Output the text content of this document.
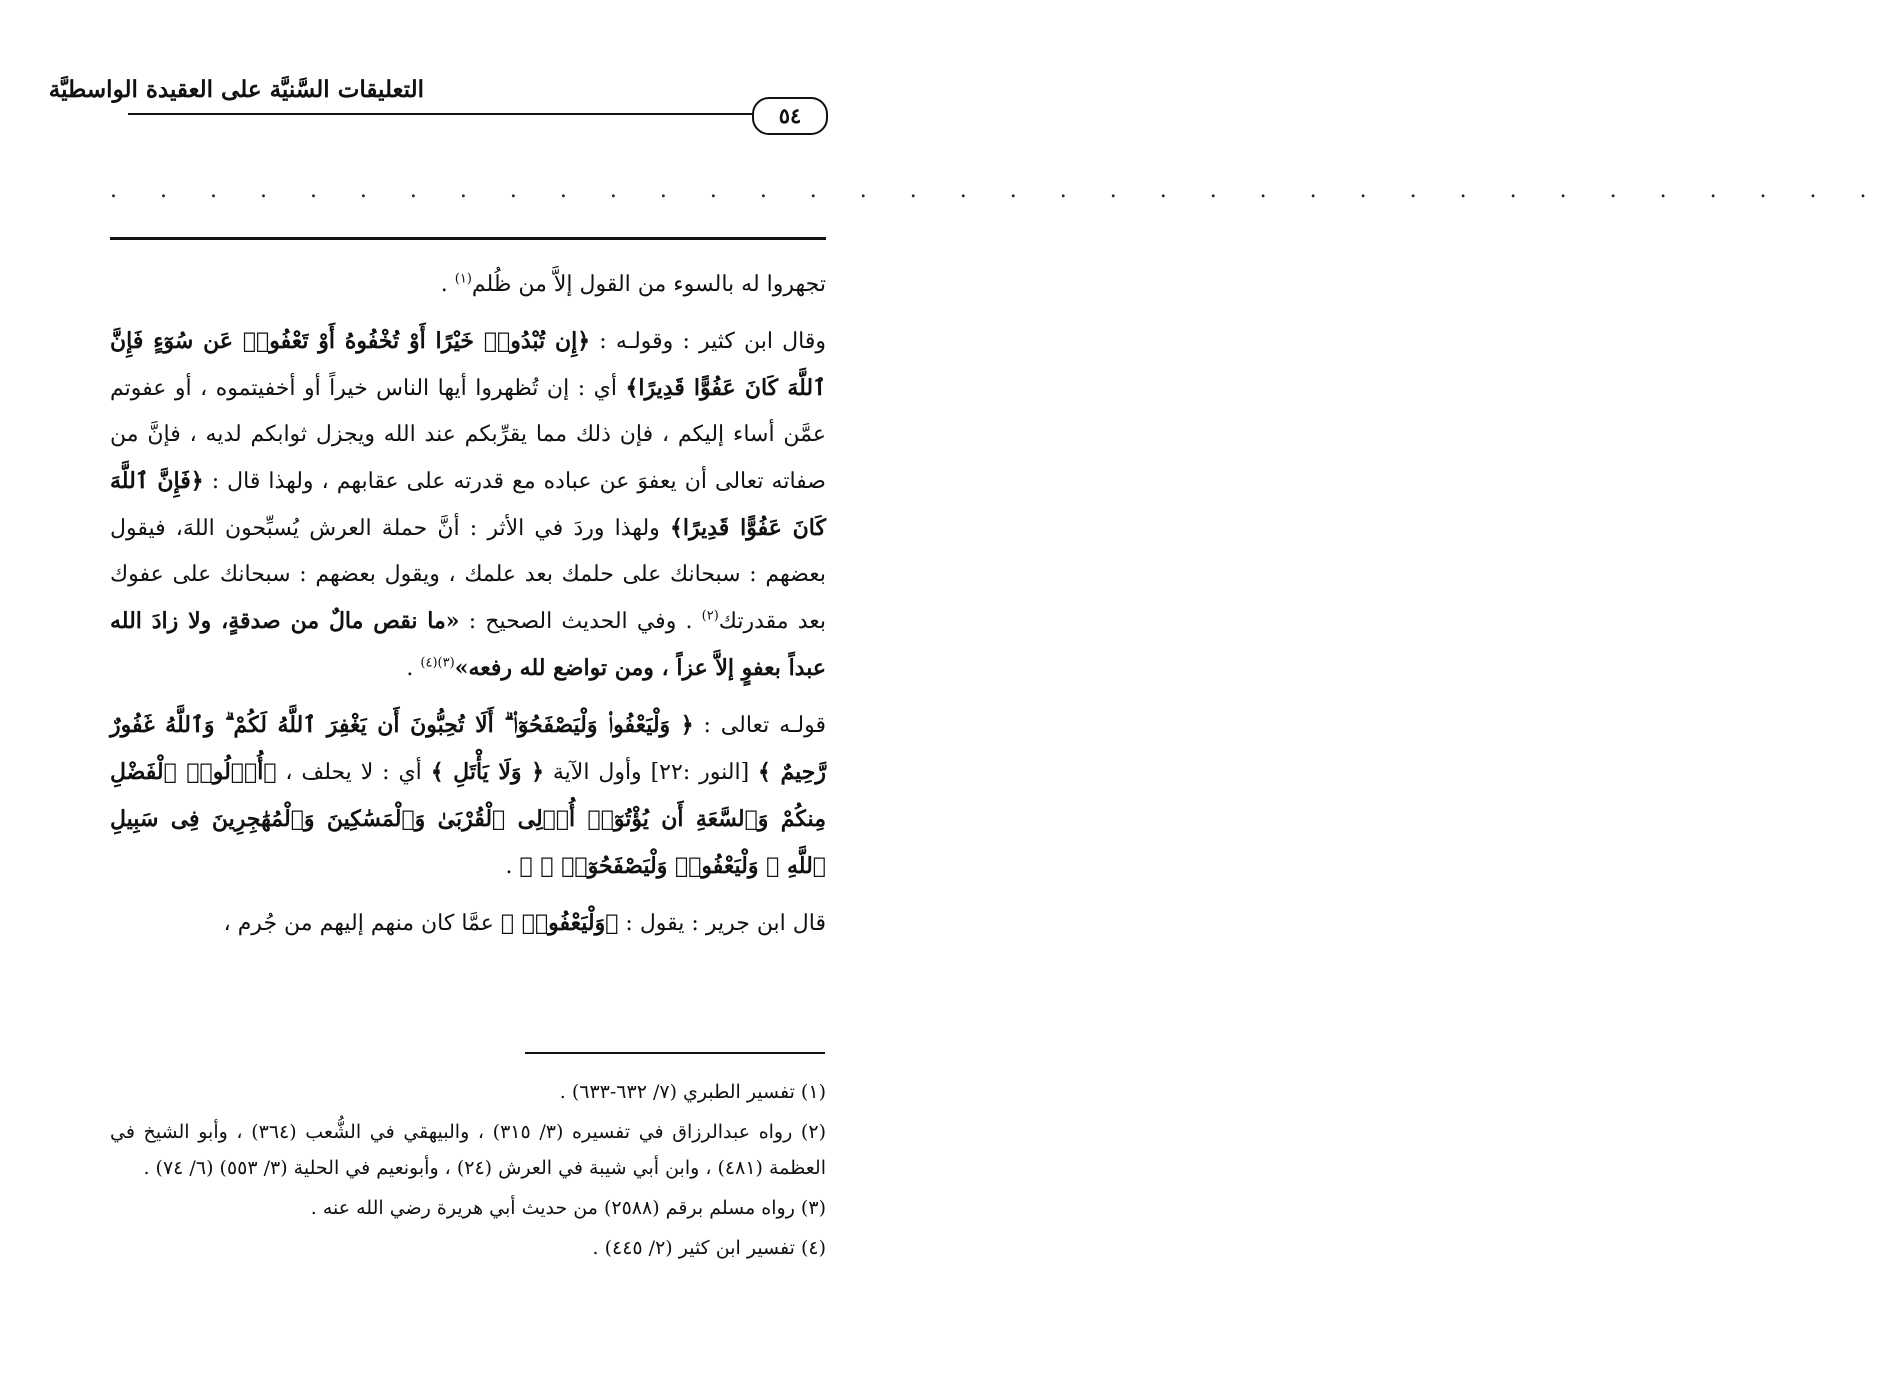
التعليقات السَّنيَّة على العقيدة الواسطيَّة
٥٤
. . . . . . . . . . . . . . . . . . . . . . . . . . . . . . . . . . . .

تجهروا له بالسوء من القول إلاَّ من ظُلم$^{(١)}$ .

وقال ابن كثير : وقولـه : ﴿إِن تُبْدُوا۟ خَيْرًا أَوْ تُخْفُوهُ أَوْ تَعْفُوا۟ عَن سُوٓءٍ فَإِنَّ ٱللَّهَ كَانَ عَفُوًّا قَدِيرًا﴾ أي : إن تُظهروا أيها الناس خيراً أو أخفيتموه ، أو عفوتم عمَّن أساء إليكم ، فإن ذلك مما يقرِّبكم عند الله ويجزل ثوابكم لديه ، فإنَّ من صفاته تعالى أن يعفوَ عن عباده مع قدرته على عقابهم ، ولهذا قال : ﴿فَإِنَّ ٱللَّهَ كَانَ عَفُوًّا قَدِيرًا﴾ ولهذا وردَ في الأثر : أنَّ حملة العرش يُسبِّحون اللهَ، فيقول بعضهم : سبحانك على حلمك بعد علمك ، ويقول بعضهم : سبحانك على عفوك بعد مقدرتك$^{(٢)}$ . وفي الحديث الصحيح : «ما نقص مالٌ من صدقةٍ، ولا زادَ الله عبداً بعفوٍ إلاَّ عزاً ، ومن تواضع لله رفعه»$^{(٣)(٤)}$ .

قولـه تعالى : ﴿ وَلْيَعْفُوا۟ وَلْيَصْفَحُوٓا۟ ۗ أَلَا تُحِبُّونَ أَن يَغْفِرَ ٱللَّهُ لَكُمْ ۗ وَٱللَّهُ غَفُورٌ رَّحِيمٌ ﴾ [النور :٢٢] وأول الآية ﴿ وَلَا يَأْتَلِ ﴾ أي : لا يحلف ، ﴿أُو۟لُوا۟ ٱلْفَضْلِ مِنكُمْ وَٱلسَّعَةِ أَن يُؤْتُوٓا۟ أُو۟لِى ٱلْقُرْبَىٰ وَٱلْمَسَٰكِينَ وَٱلْمُهَٰجِرِينَ فِى سَبِيلِ ٱللَّهِ ۖ وَلْيَعْفُوا۟ وَلْيَصْفَحُوٓا۟ ۗ ﴾ .

قال ابن جرير : يقول : ﴿وَلْيَعْفُوا۟ ﴾ عمَّا كان منهم إليهم من جُرم ،

(١) تفسير الطبري (٧/ ٦٣٢-٦٣٣) .

(٢) رواه عبدالرزاق في تفسيره (٣/ ٣١٥) ، والبيهقي في الشُّعب (٣٦٤) ، وأبو الشيخ في العظمة (٤٨١) ، وابن أبي شيبة في العرش (٢٤) ، وأبونعيم في الحلية (٣/ ٥٥٣) (٦/ ٧٤) .

(٣) رواه مسلم برقم (٢٥٨٨) من حديث أبي هريرة رضي الله عنه .

(٤) تفسير ابن كثير (٢/ ٤٤٥) .
